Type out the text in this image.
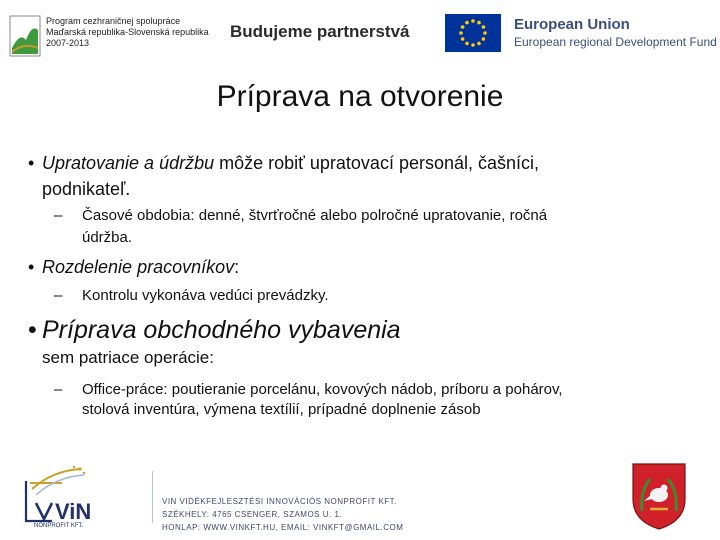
Program cezhraničnej spolupráce
Maďarská republika-Slovenská republika
2007-2013
Budujeme partnerstvá	European Union
European regional Development Fund
Príprava na otvorenie
• Upratovanie a údržbu môže robiť upratovací personál, čašníci,
podnikateľ.
– Časové obdobia: denné, štvrťročné alebo polročné upratovanie, ročná
údržba.
• Rozdelenie pracovníkov:
– Kontrolu vykonáva vedúci prevádzky.
• Príprava obchodného vybavenia
sem patriace operácie:
– Office-práce: poutieranie porcelánu, kovových nádob, príboru a pohárov,
stolová inventúra, výmena textílií, prípadné doplnenie zásob
ViN
NONPROFIT KFT.
VIN VIDÉKFEJLESZTÉSI INNOVÁCIÓS NONPROFIT KFT.
SZÉKHELY: 4765 CSENGER, SZAMOS U. 1.
HONLAP: WWW.VINKFT.HU, EMAIL: VINKFT@GMAIL.COM
